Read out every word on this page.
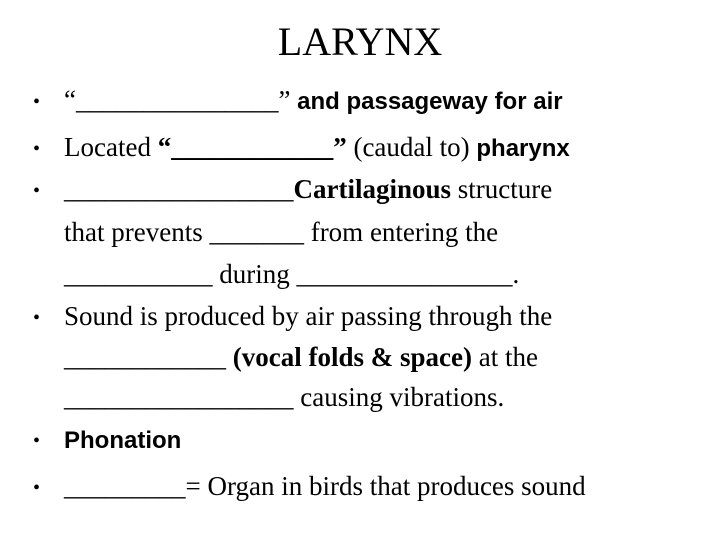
LARYNX
• “_______________” and passageway for air
• Located “____________” (caudal to) pharynx
• _________________Cartilaginous structure
that prevents _______ from entering the
___________ during ________________.
• Sound is produced by air passing through the
____________ (vocal folds & space) at the
_________________ causing vibrations.
• Phonation
• _________= Organ in birds that produces sound
